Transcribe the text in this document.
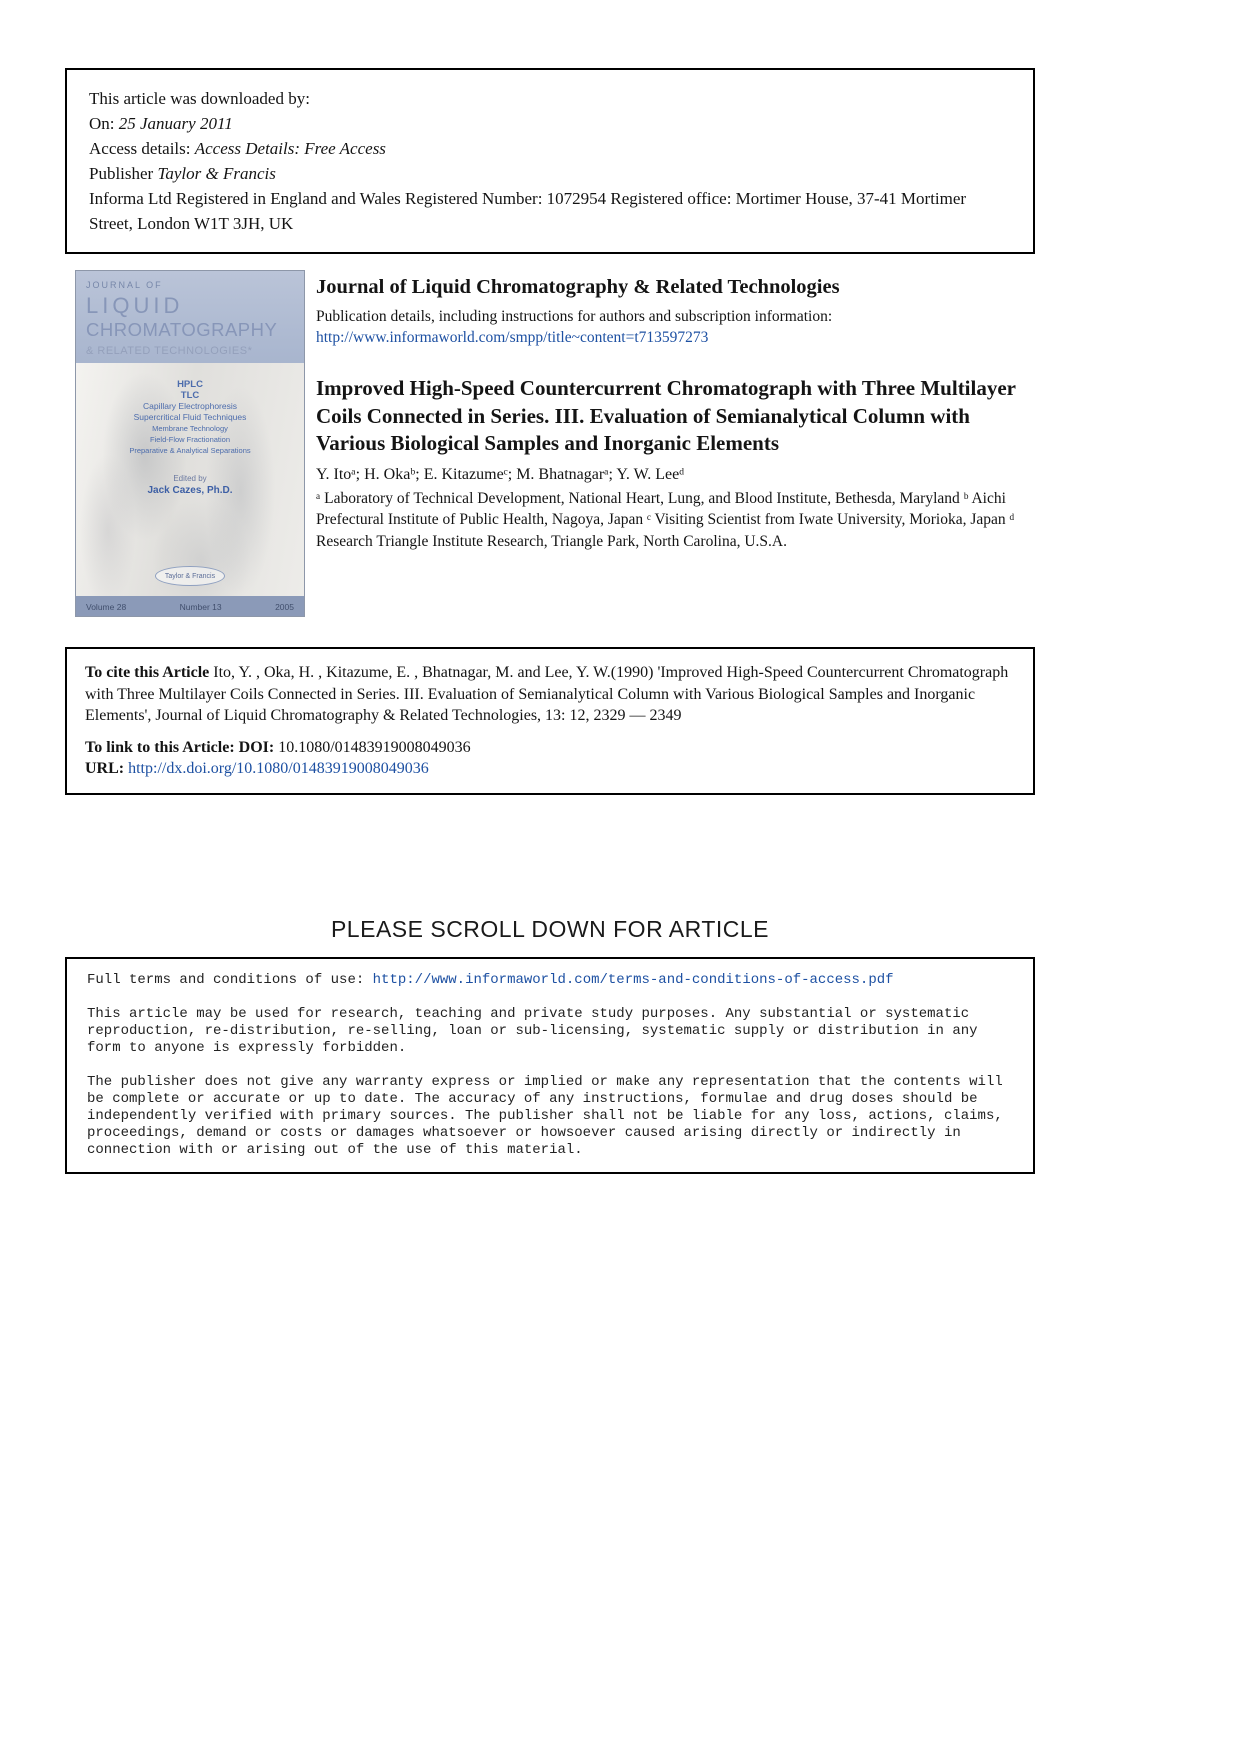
This article was downloaded by:
On: 25 January 2011
Access details: Access Details: Free Access
Publisher Taylor & Francis
Informa Ltd Registered in England and Wales Registered Number: 1072954 Registered office: Mortimer House, 37-41 Mortimer Street, London W1T 3JH, UK
JOURNAL OF
LIQUID
CHROMATOGRAPHY
& RELATED TECHNOLOGIES*
HPLC
TLC
Capillary Electrophoresis
Supercritical Fluid Techniques
Membrane Technology
Field-Flow Fractionation
Preparative & Analytical Separations
Edited by
Jack Cazes, Ph.D.
Taylor & Francis
Volume 28	Number 13	2005
Journal of Liquid Chromatography & Related Technologies
Publication details, including instructions for authors and subscription information:
http://www.informaworld.com/smpp/title~content=t713597273
Improved High-Speed Countercurrent Chromatograph with Three Multilayer Coils Connected in Series. III. Evaluation of Semianalytical Column with Various Biological Samples and Inorganic Elements
Y. Itoᵃ; H. Okaᵇ; E. Kitazumeᶜ; M. Bhatnagarᵃ; Y. W. Leeᵈ
ᵃ Laboratory of Technical Development, National Heart, Lung, and Blood Institute, Bethesda, Maryland ᵇ Aichi Prefectural Institute of Public Health, Nagoya, Japan ᶜ Visiting Scientist from Iwate University, Morioka, Japan ᵈ Research Triangle Institute Research, Triangle Park, North Carolina, U.S.A.
To cite this Article Ito, Y. , Oka, H. , Kitazume, E. , Bhatnagar, M. and Lee, Y. W.(1990) 'Improved High-Speed Countercurrent Chromatograph with Three Multilayer Coils Connected in Series. III. Evaluation of Semianalytical Column with Various Biological Samples and Inorganic Elements', Journal of Liquid Chromatography & Related Technologies, 13: 12, 2329 — 2349
To link to this Article: DOI: 10.1080/01483919008049036
URL: http://dx.doi.org/10.1080/01483919008049036
PLEASE SCROLL DOWN FOR ARTICLE

Full terms and conditions of use: http://www.informaworld.com/terms-and-conditions-of-access.pdf

This article may be used for research, teaching and private study purposes. Any substantial or systematic reproduction, re-distribution, re-selling, loan or sub-licensing, systematic supply or distribution in any form to anyone is expressly forbidden.

The publisher does not give any warranty express or implied or make any representation that the contents will be complete or accurate or up to date. The accuracy of any instructions, formulae and drug doses should be independently verified with primary sources. The publisher shall not be liable for any loss, actions, claims, proceedings, demand or costs or damages whatsoever or howsoever caused arising directly or indirectly in connection with or arising out of the use of this material.
